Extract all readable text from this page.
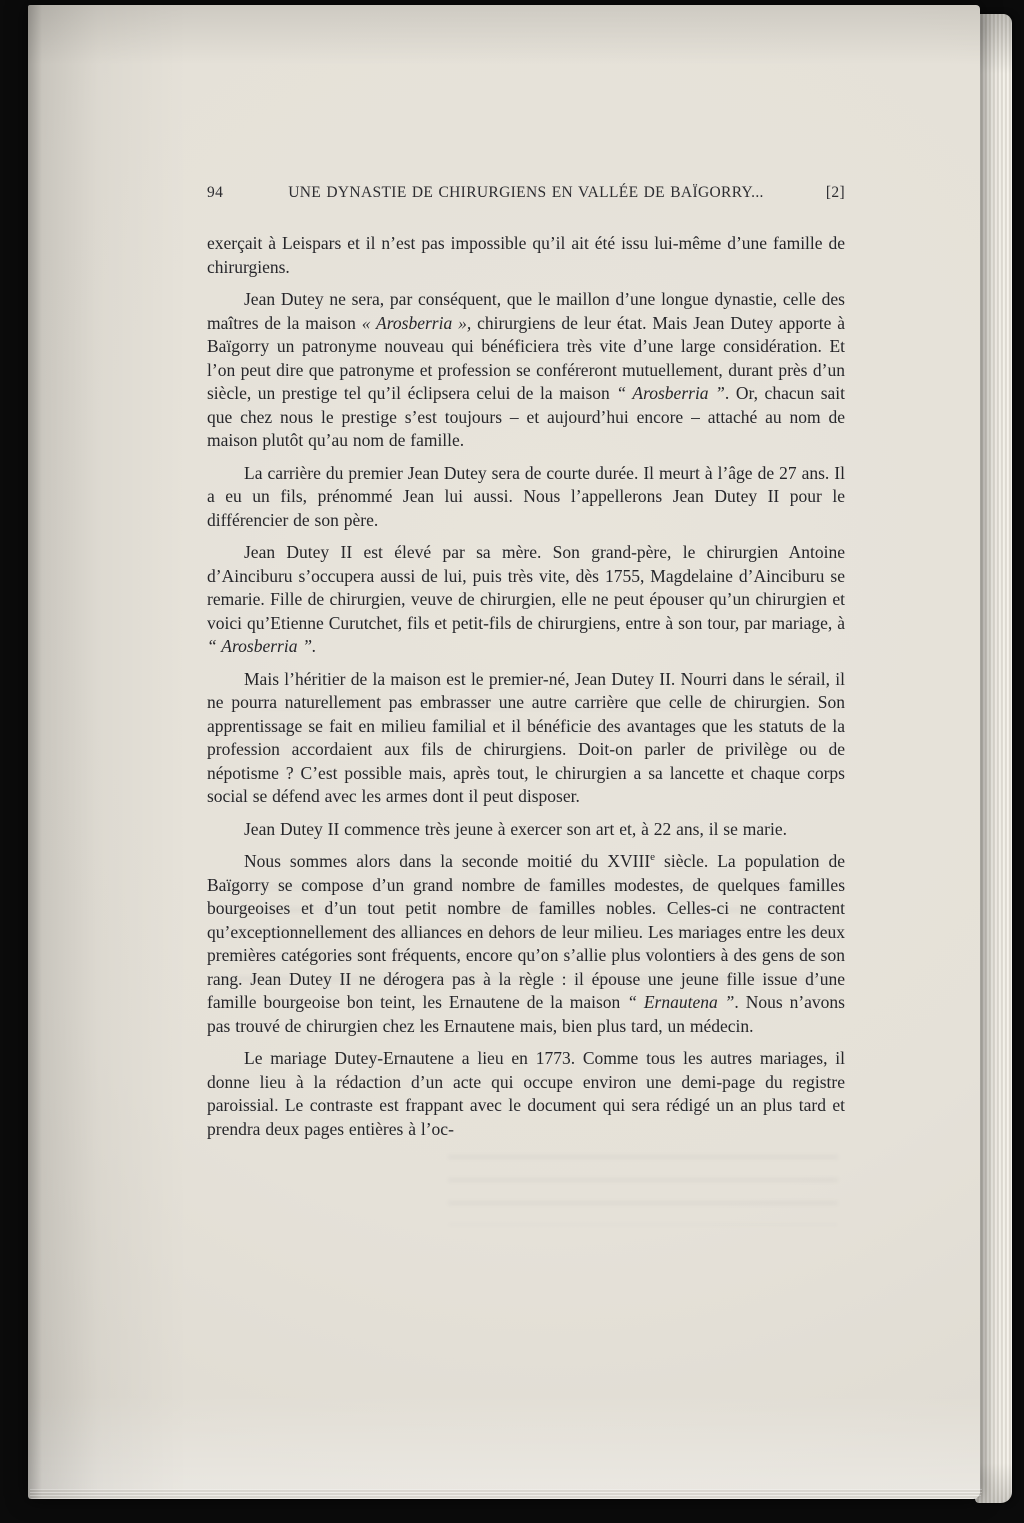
94	UNE DYNASTIE DE CHIRURGIENS EN VALLÉE DE BAÏGORRY...	[2]

exerçait à Leispars et il n’est pas impossible qu’il ait été issu lui-même d’une famille de chirurgiens.

Jean Dutey ne sera, par conséquent, que le maillon d’une longue dynastie, celle des maîtres de la maison « Arosberria », chirurgiens de leur état. Mais Jean Dutey apporte à Baïgorry un patronyme nouveau qui bénéficiera très vite d’une large considération. Et l’on peut dire que patronyme et profession se conféreront mutuellement, durant près d’un siècle, un prestige tel qu’il éclipsera celui de la maison “ Arosberria ”. Or, chacun sait que chez nous le prestige s’est toujours – et aujourd’hui encore – attaché au nom de maison plutôt qu’au nom de famille.

La carrière du premier Jean Dutey sera de courte durée. Il meurt à l’âge de 27 ans. Il a eu un fils, prénommé Jean lui aussi. Nous l’appellerons Jean Dutey II pour le différencier de son père.

Jean Dutey II est élevé par sa mère. Son grand-père, le chirurgien Antoine d’Ainciburu s’occupera aussi de lui, puis très vite, dès 1755, Magdelaine d’Ainciburu se remarie. Fille de chirurgien, veuve de chirurgien, elle ne peut épouser qu’un chirurgien et voici qu’Etienne Curutchet, fils et petit-fils de chirurgiens, entre à son tour, par mariage, à “ Arosberria ”.

Mais l’héritier de la maison est le premier-né, Jean Dutey II. Nourri dans le sérail, il ne pourra naturellement pas embrasser une autre carrière que celle de chirurgien. Son apprentissage se fait en milieu familial et il bénéficie des avantages que les statuts de la profession accordaient aux fils de chirurgiens. Doit-on parler de privilège ou de népotisme ? C’est possible mais, après tout, le chirurgien a sa lancette et chaque corps social se défend avec les armes dont il peut disposer.

Jean Dutey II commence très jeune à exercer son art et, à 22 ans, il se marie.

Nous sommes alors dans la seconde moitié du XVIIIe siècle. La population de Baïgorry se compose d’un grand nombre de familles modestes, de quelques familles bourgeoises et d’un tout petit nombre de familles nobles. Celles-ci ne contractent qu’exceptionnellement des alliances en dehors de leur milieu. Les mariages entre les deux premières catégories sont fréquents, encore qu’on s’allie plus volontiers à des gens de son rang. Jean Dutey II ne dérogera pas à la règle : il épouse une jeune fille issue d’une famille bourgeoise bon teint, les Ernautene de la maison “ Ernautena ”. Nous n’avons pas trouvé de chirurgien chez les Ernautene mais, bien plus tard, un médecin.

Le mariage Dutey-Ernautene a lieu en 1773. Comme tous les autres mariages, il donne lieu à la rédaction d’un acte qui occupe environ une demi-page du registre paroissial. Le contraste est frappant avec le document qui sera rédigé un an plus tard et prendra deux pages entières à l’oc-
